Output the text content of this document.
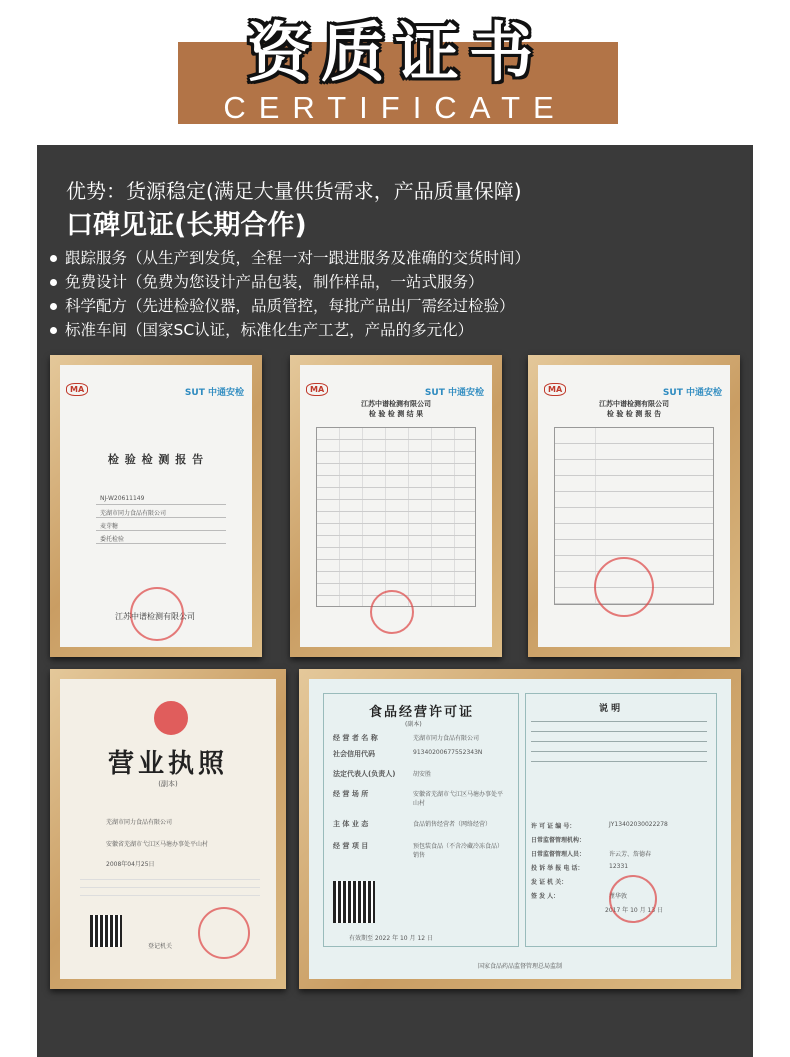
资质证书
CERTIFICATE
优势：货源稳定(满足大量供货需求，产品质量保障)
口碑见证(长期合作)
跟踪服务（从生产到发货，全程一对一跟进服务及准确的交货时间）
免费设计（免费为您设计产品包装，制作样品，一站式服务）
科学配方（先进检验仪器，品质管控，每批产品出厂需经过检验）
标准车间（国家SC认证，标准化生产工艺，产品的多元化）
MA	SUT 中通安检
检 验 检 测 报 告
NJ-W20611149
芜湖市同力食品有限公司
麦芽糖
委托检验
江苏中谱检测有限公司
MA	SUT 中通安检
江苏中谱检测有限公司
检 验 检 测 结 果
MA	SUT 中通安检
江苏中谱检测有限公司
检 验 检 测 报 告
营业执照
(副本)
芜湖市同力食品有限公司
安徽省芜湖市弋江区马塘办事处平山村
2008年04月25日
登记机关
食品经营许可证
(副本)
经 营 者 名 称	芜湖市同力食品有限公司
社会信用代码	91340200677552343N
法定代表人(负责人)	胡安胜
经 营 场 所	安徽省芜湖市弋江区马塘办事处平山村
主 体 业 态	食品销售经营者（网络经营）
经 营 项 目	预包装食品（不含冷藏冷冻食品）销售
有效期至 2022 年 10 月 12 日
说 明
许 可 证 编 号：	JY13402030022278
日常监督管理机构：
日常监督管理人员：	许云芳、詹德春
投 诉 举 报 电 话：	12331
发 证 机 关：
签 发 人：	瞿华敦
2017 年 10 月 13 日
国家食品药品监督管理总局监制
